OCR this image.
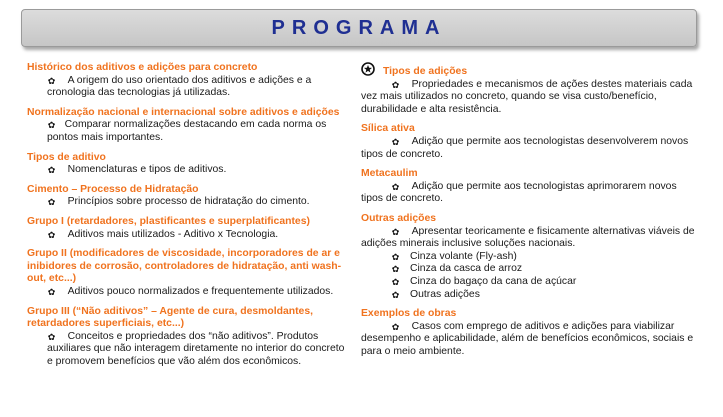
PROGRAMA

Histórico dos aditivos e adições para concreto

✿ A origem do uso orientado dos aditivos e adições e a cronologia das tecnologias já utilizadas.

Normalização nacional e internacional sobre aditivos e adições

✿ Comparar normalizações destacando em cada norma os pontos mais importantes.

Tipos de aditivo

✿ Nomenclaturas e tipos de aditivos.

Cimento – Processo de Hidratação

✿ Princípios sobre processo de hidratação do cimento.

Grupo I (retardadores, plastificantes e superplatificantes)

✿ Aditivos mais utilizados - Aditivo x Tecnologia.

Grupo II (modificadores de viscosidade, incorporadores de ar e inibidores de corrosão, controladores de hidratação, anti wash-out, etc...)

✿ Aditivos pouco normalizados e frequentemente utilizados.

Grupo III (“Não aditivos” – Agente de cura, desmoldantes, retardadores superficiais, etc...)

✿ Conceitos e propriedades dos “não aditivos”. Produtos auxiliares que não interagem diretamente no interior do concreto e promovem benefícios que vão além dos econômicos.

Tipos de adições

✿ Propriedades e mecanismos de ações destes materiais cada vez mais utilizados no concreto, quando se visa custo/benefício, durabilidade e alta resistência.

Sílica ativa

✿ Adição que permite aos tecnologistas desenvolverem novos tipos de concreto.

Metacaulim

✿ Adição que permite aos tecnologistas aprimorarem novos tipos de concreto.

Outras adições

✿ Apresentar teoricamente e fisicamente alternativas viáveis de adições minerais inclusive soluções nacionais.

✿ Cinza volante (Fly-ash)
✿ Cinza da casca de arroz
✿ Cinza do bagaço da cana de açúcar
✿ Outras adições

Exemplos de obras

✿ Casos com emprego de aditivos e adições para viabilizar desempenho e aplicabilidade, além de benefícios econômicos, sociais e para o meio ambiente.
